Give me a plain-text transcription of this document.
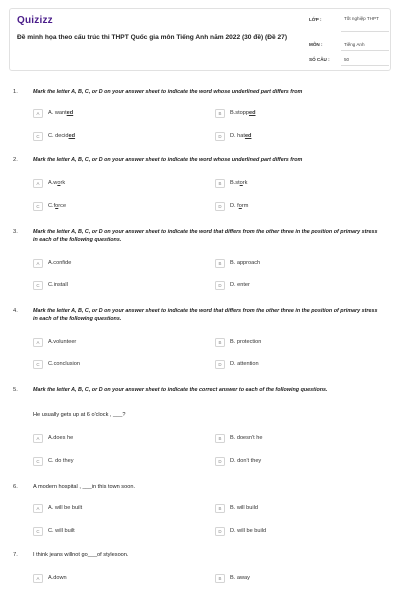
Quizizz
Đề minh họa theo cấu trúc thi THPT Quốc gia môn Tiếng Anh năm 2022 (30 đề) (Đề 27)
LỚP :	Tốt nghiệp THPT
MÔN :	Tiếng Anh
SỐ CÂU :	50
1.	Mark the letter A, B, C, or D on your answer sheet to indicate the word whose underlined part differs from
A	A. wanted	B	B.stopped
C	C. decided	D	D. hated
2.	Mark the letter A, B, C, or D on your answer sheet to indicate the word whose underlined part differs from
A	A.work	B	B.stork
C	C.force	D	D. form
3.	Mark the letter A, B, C, or D on your answer sheet to indicate the word that differs from the other three in the position of primary stress in each of the following questions.
A	A.confide	B	B. approach
C	C.install	D	D. enter
4.	Mark the letter A, B, C, or D on your answer sheet to indicate the word that differs from the other three in the position of primary stress in each of the following questions.
A	A.volunteer	B	B. protection
C	C.conclusion	D	D. attention
5.	Mark the letter A, B, C, or D on your answer sheet to indicate the correct answer to each of the following questions.
He usually gets up at 6 o'clock , ___?
A	A.does he	B	B. doesn't he
C	C. do they	D	D. don't they
6.	A modern hospital , ___in this town soon.
A	A. will be built	B	B. will build
C	C. will built	D	D. will be build
7.	I think jeans willnot go___of stylesoon.
A	A.down	B	B. away
